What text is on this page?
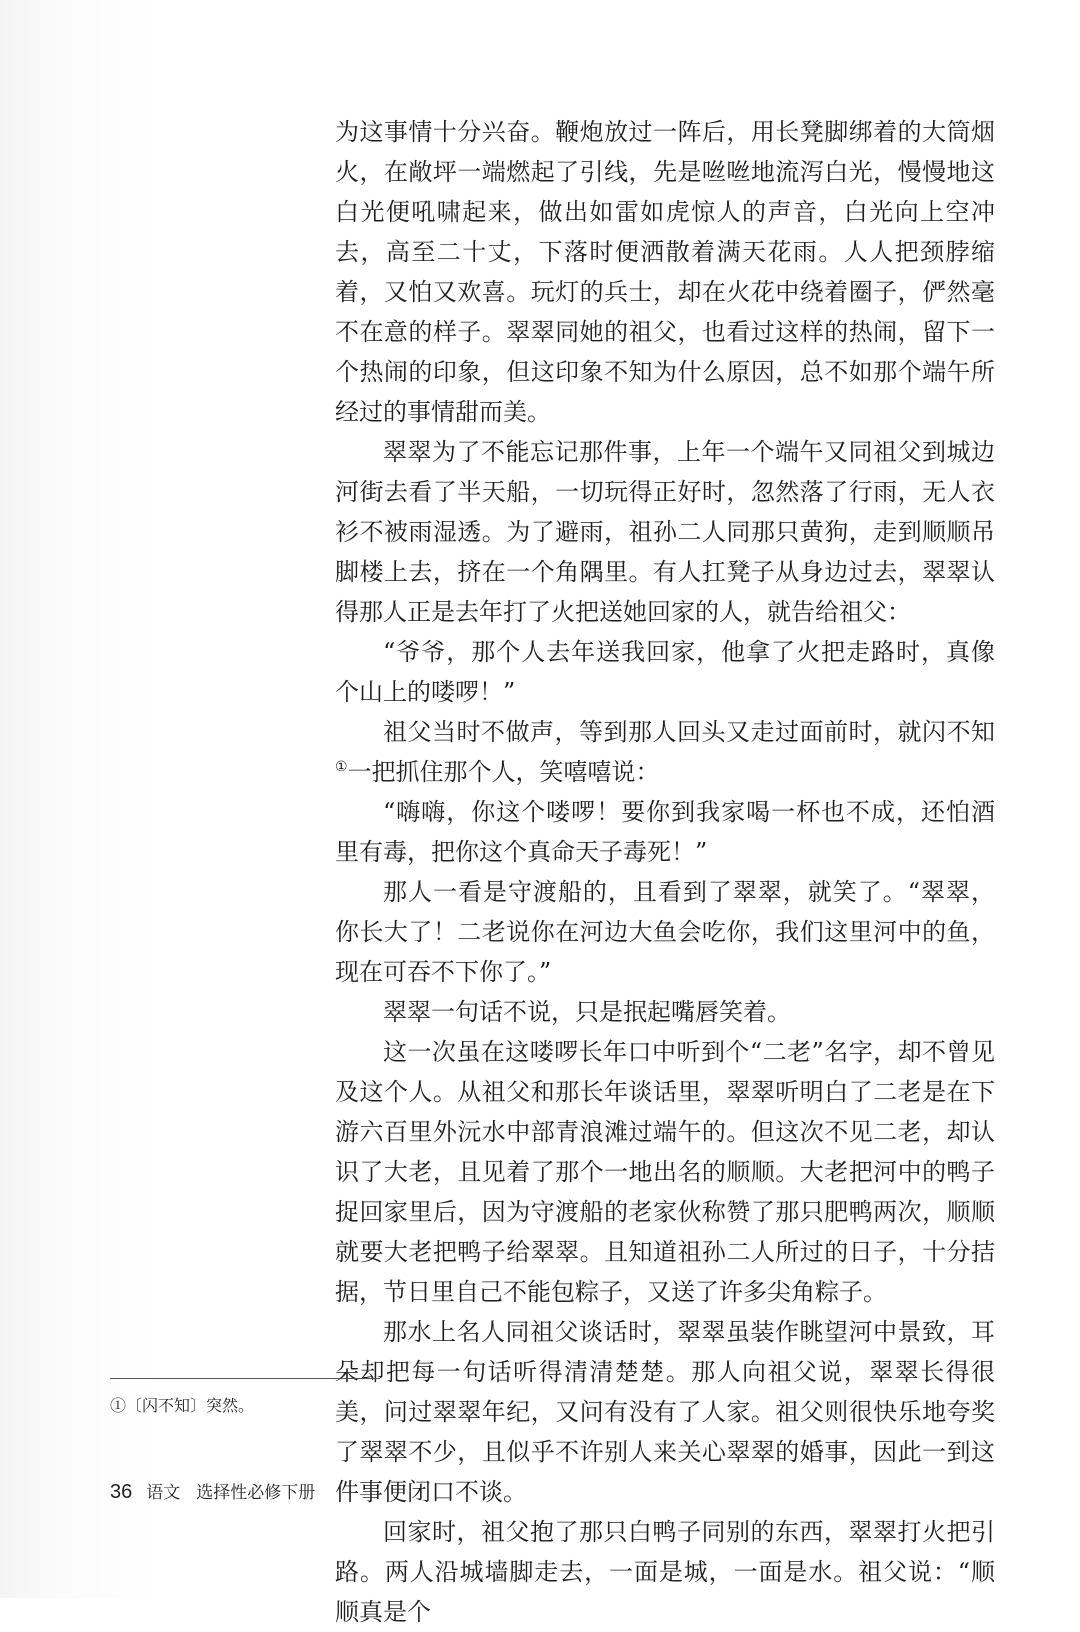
为这事情十分兴奋。鞭炮放过一阵后，用长凳脚绑着的大筒烟火，在敞坪一端燃起了引线，先是咝咝地流泻白光，慢慢地这白光便吼啸起来，做出如雷如虎惊人的声音，白光向上空冲去，高至二十丈，下落时便洒散着满天花雨。人人把颈脖缩着，又怕又欢喜。玩灯的兵士，却在火花中绕着圈子，俨然毫不在意的样子。翠翠同她的祖父，也看过这样的热闹，留下一个热闹的印象，但这印象不知为什么原因，总不如那个端午所经过的事情甜而美。

翠翠为了不能忘记那件事，上年一个端午又同祖父到城边河街去看了半天船，一切玩得正好时，忽然落了行雨，无人衣衫不被雨湿透。为了避雨，祖孙二人同那只黄狗，走到顺顺吊脚楼上去，挤在一个角隅里。有人扛凳子从身边过去，翠翠认得那人正是去年打了火把送她回家的人，就告给祖父：

“爷爷，那个人去年送我回家，他拿了火把走路时，真像个山上的喽啰！”

祖父当时不做声，等到那人回头又走过面前时，就闪不知①一把抓住那个人，笑嘻嘻说：

“嗨嗨，你这个喽啰！要你到我家喝一杯也不成，还怕酒里有毒，把你这个真命天子毒死！”

那人一看是守渡船的，且看到了翠翠，就笑了。“翠翠，你长大了！二老说你在河边大鱼会吃你，我们这里河中的鱼，现在可吞不下你了。”

翠翠一句话不说，只是抿起嘴唇笑着。

这一次虽在这喽啰长年口中听到个“二老”名字，却不曾见及这个人。从祖父和那长年谈话里，翠翠听明白了二老是在下游六百里外沅水中部青浪滩过端午的。但这次不见二老，却认识了大老，且见着了那个一地出名的顺顺。大老把河中的鸭子捉回家里后，因为守渡船的老家伙称赞了那只肥鸭两次，顺顺就要大老把鸭子给翠翠。且知道祖孙二人所过的日子，十分拮据，节日里自己不能包粽子，又送了许多尖角粽子。

那水上名人同祖父谈话时，翠翠虽装作眺望河中景致，耳朵却把每一句话听得清清楚楚。那人向祖父说，翠翠长得很美，问过翠翠年纪，又问有没有了人家。祖父则很快乐地夸奖了翠翠不少，且似乎不许别人来关心翠翠的婚事，因此一到这件事便闭口不谈。

回家时，祖父抱了那只白鸭子同别的东西，翠翠打火把引路。两人沿城墙脚走去，一面是城，一面是水。祖父说：“顺顺真是个

①〔闪不知〕突然。
36 语文 选择性必修下册
